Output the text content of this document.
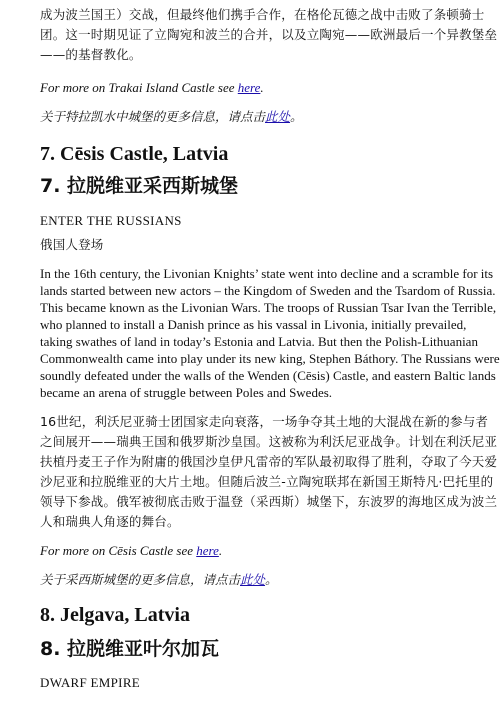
成为波兰国王）交战，但最终他们携手合作，在格伦瓦德之战中击败了条顿骑士团。这一时期见证了立陶宛和波兰的合并，以及立陶宛——欧洲最后一个异教堡垒——的基督教化。

For more on Trakai Island Castle see here.

关于特拉凯水中城堡的更多信息，请点击此处。

7. Cēsis Castle, Latvia

7. 拉脱维亚采西斯城堡

ENTER THE RUSSIANS

俄国人登场

In the 16th century, the Livonian Knights’ state went into decline and a scramble for its lands started between new actors – the Kingdom of Sweden and the Tsardom of Russia. This became known as the Livonian Wars. The troops of Russian Tsar Ivan the Terrible, who planned to install a Danish prince as his vassal in Livonia, initially prevailed, taking swathes of land in today’s Estonia and Latvia. But then the Polish-Lithuanian Commonwealth came into play under its new king, Stephen Báthory. The Russians were soundly defeated under the walls of the Wenden (Cēsis) Castle, and eastern Baltic lands became an arena of struggle between Poles and Swedes.

16世纪，利沃尼亚骑士团国家走向衰落，一场争夺其土地的大混战在新的参与者之间展开——瑞典王国和俄罗斯沙皇国。这被称为利沃尼亚战争。计划在利沃尼亚扶植丹麦王子作为附庸的俄国沙皇伊凡雷帝的军队最初取得了胜利，夺取了今天爱沙尼亚和拉脱维亚的大片土地。但随后波兰-立陶宛联邦在新国王斯特凡·巴托里的领导下参战。俄军被彻底击败于温登（采西斯）城堡下，东波罗的海地区成为波兰人和瑞典人角逐的舞台。

For more on Cēsis Castle see here.

关于采西斯城堡的更多信息，请点击此处。

8. Jelgava, Latvia

8. 拉脱维亚叶尔加瓦

DWARF EMPIRE
